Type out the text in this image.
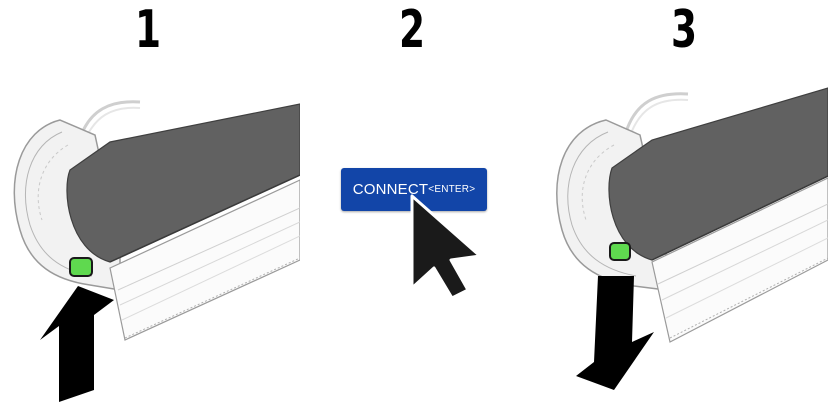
1	2	3
CONNECT <ENTER>
